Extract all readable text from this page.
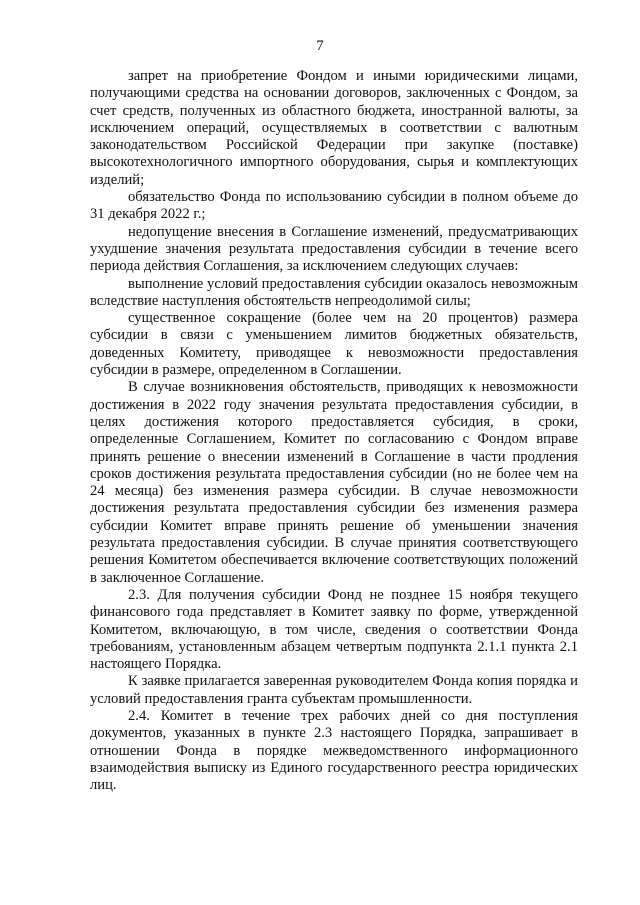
7

запрет на приобретение Фондом и иными юридическими лицами, получающими средства на основании договоров, заключенных с Фондом, за счет средств, полученных из областного бюджета, иностранной валюты, за исключением операций, осуществляемых в соответствии с валютным законодательством Российской Федерации при закупке (поставке) высокотехнологичного импортного оборудования, сырья и комплектующих изделий;

обязательство Фонда по использованию субсидии в полном объеме до 31 декабря 2022 г.;

недопущение внесения в Соглашение изменений, предусматривающих ухудшение значения результата предоставления субсидии в течение всего периода действия Соглашения, за исключением следующих случаев:

выполнение условий предоставления субсидии оказалось невозможным вследствие наступления обстоятельств непреодолимой силы;

существенное сокращение (более чем на 20 процентов) размера субсидии в связи с уменьшением лимитов бюджетных обязательств, доведенных Комитету, приводящее к невозможности предоставления субсидии в размере, определенном в Соглашении.

В случае возникновения обстоятельств, приводящих к невозможности достижения в 2022 году значения результата предоставления субсидии, в целях достижения которого предоставляется субсидия, в сроки, определенные Соглашением, Комитет по согласованию с Фондом вправе принять решение о внесении изменений в Соглашение в части продления сроков достижения результата предоставления субсидии (но не более чем на 24 месяца) без изменения размера субсидии. В случае невозможности достижения результата предоставления субсидии без изменения размера субсидии Комитет вправе принять решение об уменьшении значения результата предоставления субсидии. В случае принятия соответствующего решения Комитетом обеспечивается включение соответствующих положений в заключенное Соглашение.

2.3. Для получения субсидии Фонд не позднее 15 ноября текущего финансового года представляет в Комитет заявку по форме, утвержденной Комитетом, включающую, в том числе, сведения о соответствии Фонда требованиям, установленным абзацем четвертым подпункта 2.1.1 пункта 2.1 настоящего Порядка.

К заявке прилагается заверенная руководителем Фонда копия порядка и условий предоставления гранта субъектам промышленности.

2.4. Комитет в течение трех рабочих дней со дня поступления документов, указанных в пункте 2.3 настоящего Порядка, запрашивает в отношении Фонда в порядке межведомственного информационного взаимодействия выписку из Единого государственного реестра юридических лиц.
